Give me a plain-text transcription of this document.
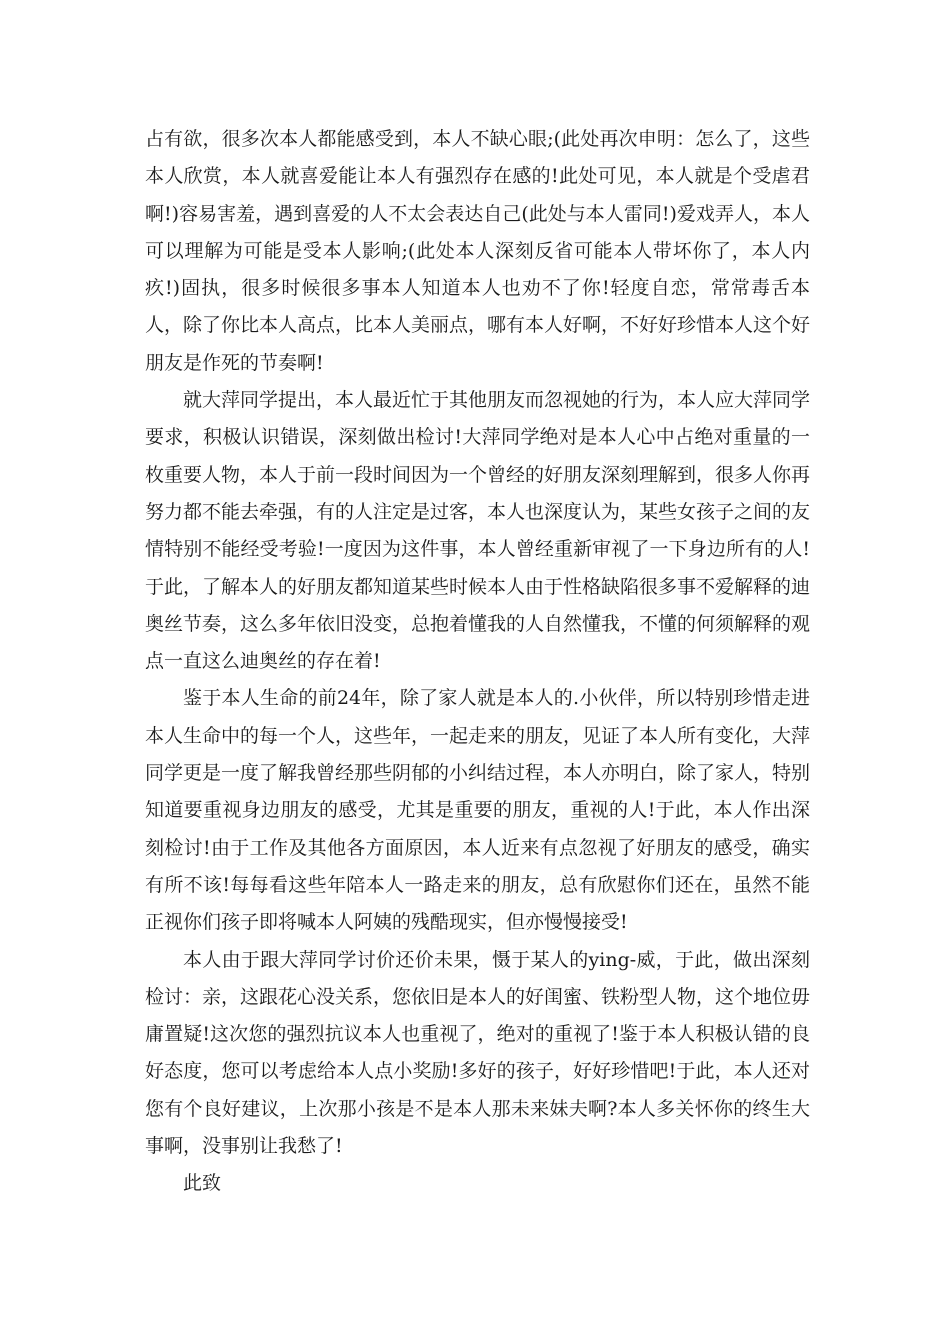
占有欲，很多次本人都能感受到，本人不缺心眼;(此处再次申明：怎么了，这些本人欣赏，本人就喜爱能让本人有强烈存在感的!此处可见，本人就是个受虐君啊!)容易害羞，遇到喜爱的人不太会表达自己(此处与本人雷同!)爱戏弄人，本人可以理解为可能是受本人影响;(此处本人深刻反省可能本人带坏你了，本人内疚!)固执，很多时候很多事本人知道本人也劝不了你!轻度自恋，常常毒舌本人，除了你比本人高点，比本人美丽点，哪有本人好啊，不好好珍惜本人这个好朋友是作死的节奏啊!

就大萍同学提出，本人最近忙于其他朋友而忽视她的行为，本人应大萍同学要求，积极认识错误，深刻做出检讨!大萍同学绝对是本人心中占绝对重量的一枚重要人物，本人于前一段时间因为一个曾经的好朋友深刻理解到，很多人你再努力都不能去牵强，有的人注定是过客，本人也深度认为，某些女孩子之间的友情特别不能经受考验!一度因为这件事，本人曾经重新审视了一下身边所有的人!于此，了解本人的好朋友都知道某些时候本人由于性格缺陷很多事不爱解释的迪奥丝节奏，这么多年依旧没变，总抱着懂我的人自然懂我，不懂的何须解释的观点一直这么迪奥丝的存在着!

鉴于本人生命的前24年，除了家人就是本人的.小伙伴，所以特别珍惜走进本人生命中的每一个人，这些年，一起走来的朋友，见证了本人所有变化，大萍同学更是一度了解我曾经那些阴郁的小纠结过程，本人亦明白，除了家人，特别知道要重视身边朋友的感受，尤其是重要的朋友，重视的人!于此，本人作出深刻检讨!由于工作及其他各方面原因，本人近来有点忽视了好朋友的感受，确实有所不该!每每看这些年陪本人一路走来的朋友，总有欣慰你们还在，虽然不能正视你们孩子即将喊本人阿姨的残酷现实，但亦慢慢接受!

本人由于跟大萍同学讨价还价未果，慑于某人的ying-威，于此，做出深刻检讨：亲，这跟花心没关系，您依旧是本人的好闺蜜、铁粉型人物，这个地位毋庸置疑!这次您的强烈抗议本人也重视了，绝对的重视了!鉴于本人积极认错的良好态度，您可以考虑给本人点小奖励!多好的孩子，好好珍惜吧!于此，本人还对您有个良好建议，上次那小孩是不是本人那未来妹夫啊?本人多关怀你的终生大事啊，没事别让我愁了!

此致
